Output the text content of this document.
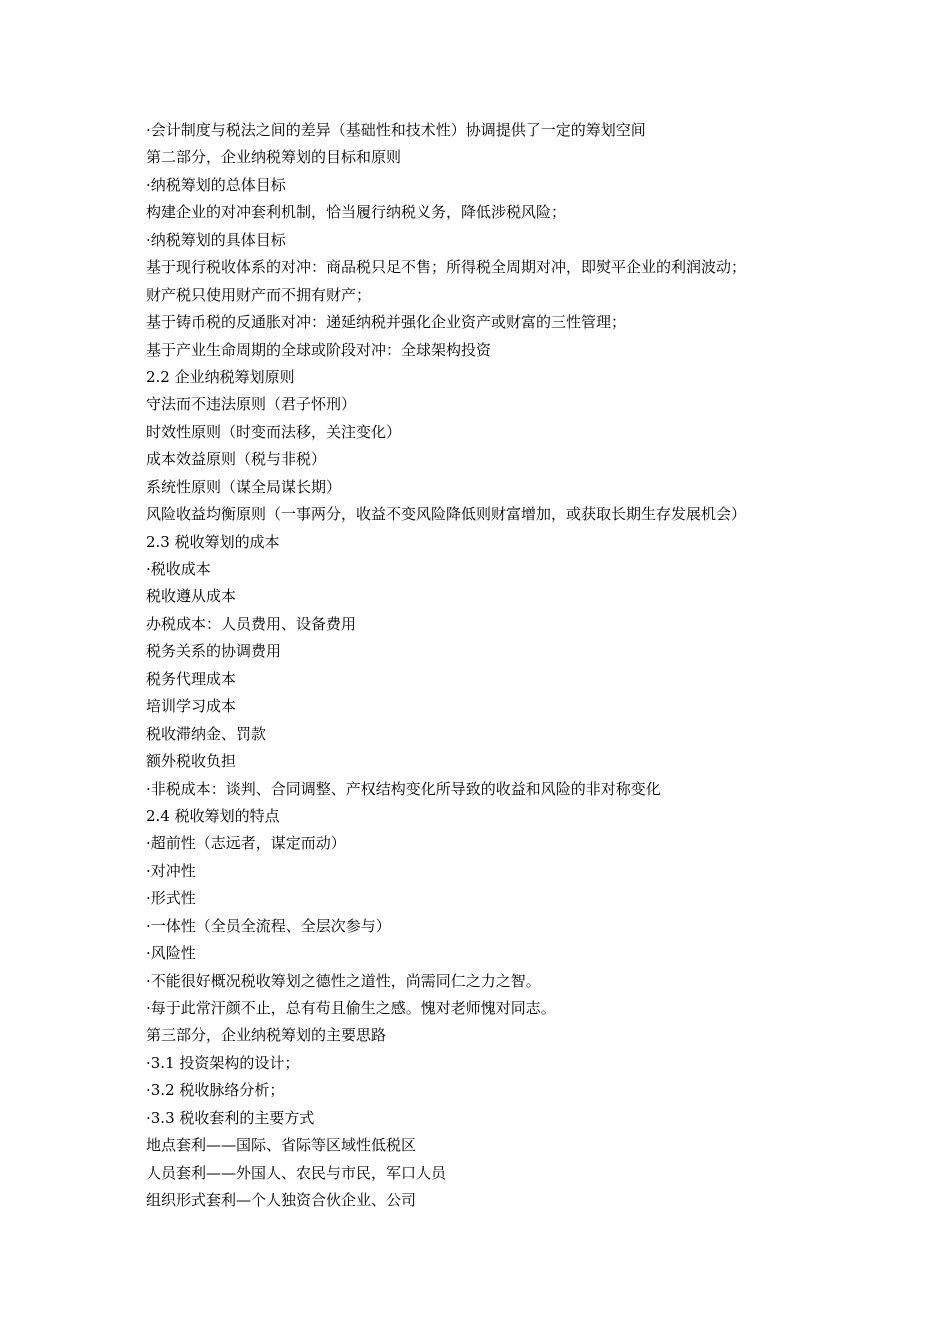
·会计制度与税法之间的差异（基础性和技术性）协调提供了一定的筹划空间
第二部分，企业纳税筹划的目标和原则
·纳税筹划的总体目标
构建企业的对冲套利机制，恰当履行纳税义务，降低涉税风险；
·纳税筹划的具体目标
基于现行税收体系的对冲：商品税只足不售；所得税全周期对冲，即熨平企业的利润波动；
财产税只使用财产而不拥有财产；
基于铸币税的反通胀对冲：递延纳税并强化企业资产或财富的三性管理；
基于产业生命周期的全球或阶段对冲：全球架构投资
2.2 企业纳税筹划原则
守法而不违法原则（君子怀刑）
时效性原则（时变而法移，关注变化）
成本效益原则（税与非税）
系统性原则（谋全局谋长期）
风险收益均衡原则（一事两分，收益不变风险降低则财富增加，或获取长期生存发展机会）
2.3 税收筹划的成本
·税收成本
税收遵从成本
办税成本：人员费用、设备费用
税务关系的协调费用
税务代理成本
培训学习成本
税收滞纳金、罚款
额外税收负担
·非税成本：谈判、合同调整、产权结构变化所导致的收益和风险的非对称变化
2.4 税收筹划的特点
·超前性（志远者，谋定而动）
·对冲性
·形式性
·一体性（全员全流程、全层次参与）
·风险性
·不能很好概况税收筹划之德性之道性，尚需同仁之力之智。
·每于此常汗颜不止，总有苟且偷生之感。愧对老师愧对同志。
第三部分，企业纳税筹划的主要思路
·3.1 投资架构的设计；
·3.2 税收脉络分析；
·3.3 税收套利的主要方式
地点套利——国际、省际等区域性低税区
人员套利——外国人、农民与市民，军口人员
组织形式套利—个人独资合伙企业、公司
